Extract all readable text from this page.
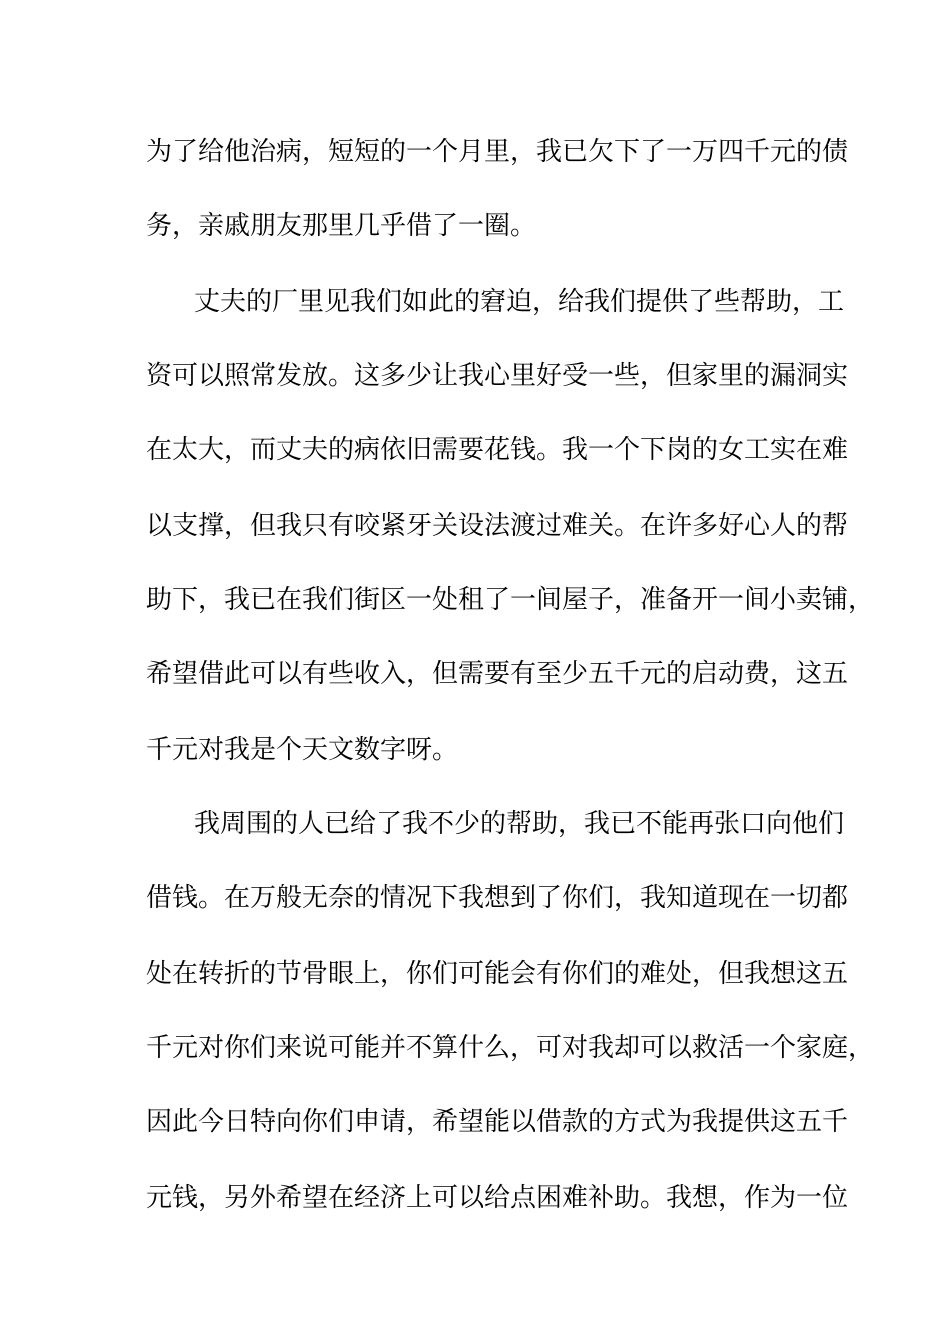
为了给他治病，短短的一个月里，我已欠下了一万四千元的债
务，亲戚朋友那里几乎借了一圈。
丈夫的厂里见我们如此的窘迫，给我们提供了些帮助，工
资可以照常发放。这多少让我心里好受一些，但家里的漏洞实
在太大，而丈夫的病依旧需要花钱。我一个下岗的女工实在难
以支撑，但我只有咬紧牙关设法渡过难关。在许多好心人的帮
助下，我已在我们街区一处租了一间屋子，准备开一间小卖铺，
希望借此可以有些收入，但需要有至少五千元的启动费，这五
千元对我是个天文数字呀。
我周围的人已给了我不少的帮助，我已不能再张口向他们
借钱。在万般无奈的情况下我想到了你们，我知道现在一切都
处在转折的节骨眼上，你们可能会有你们的难处，但我想这五
千元对你们来说可能并不算什么，可对我却可以救活一个家庭，
因此今日特向你们申请，希望能以借款的方式为我提供这五千
元钱，另外希望在经济上可以给点困难补助。我想，作为一位
